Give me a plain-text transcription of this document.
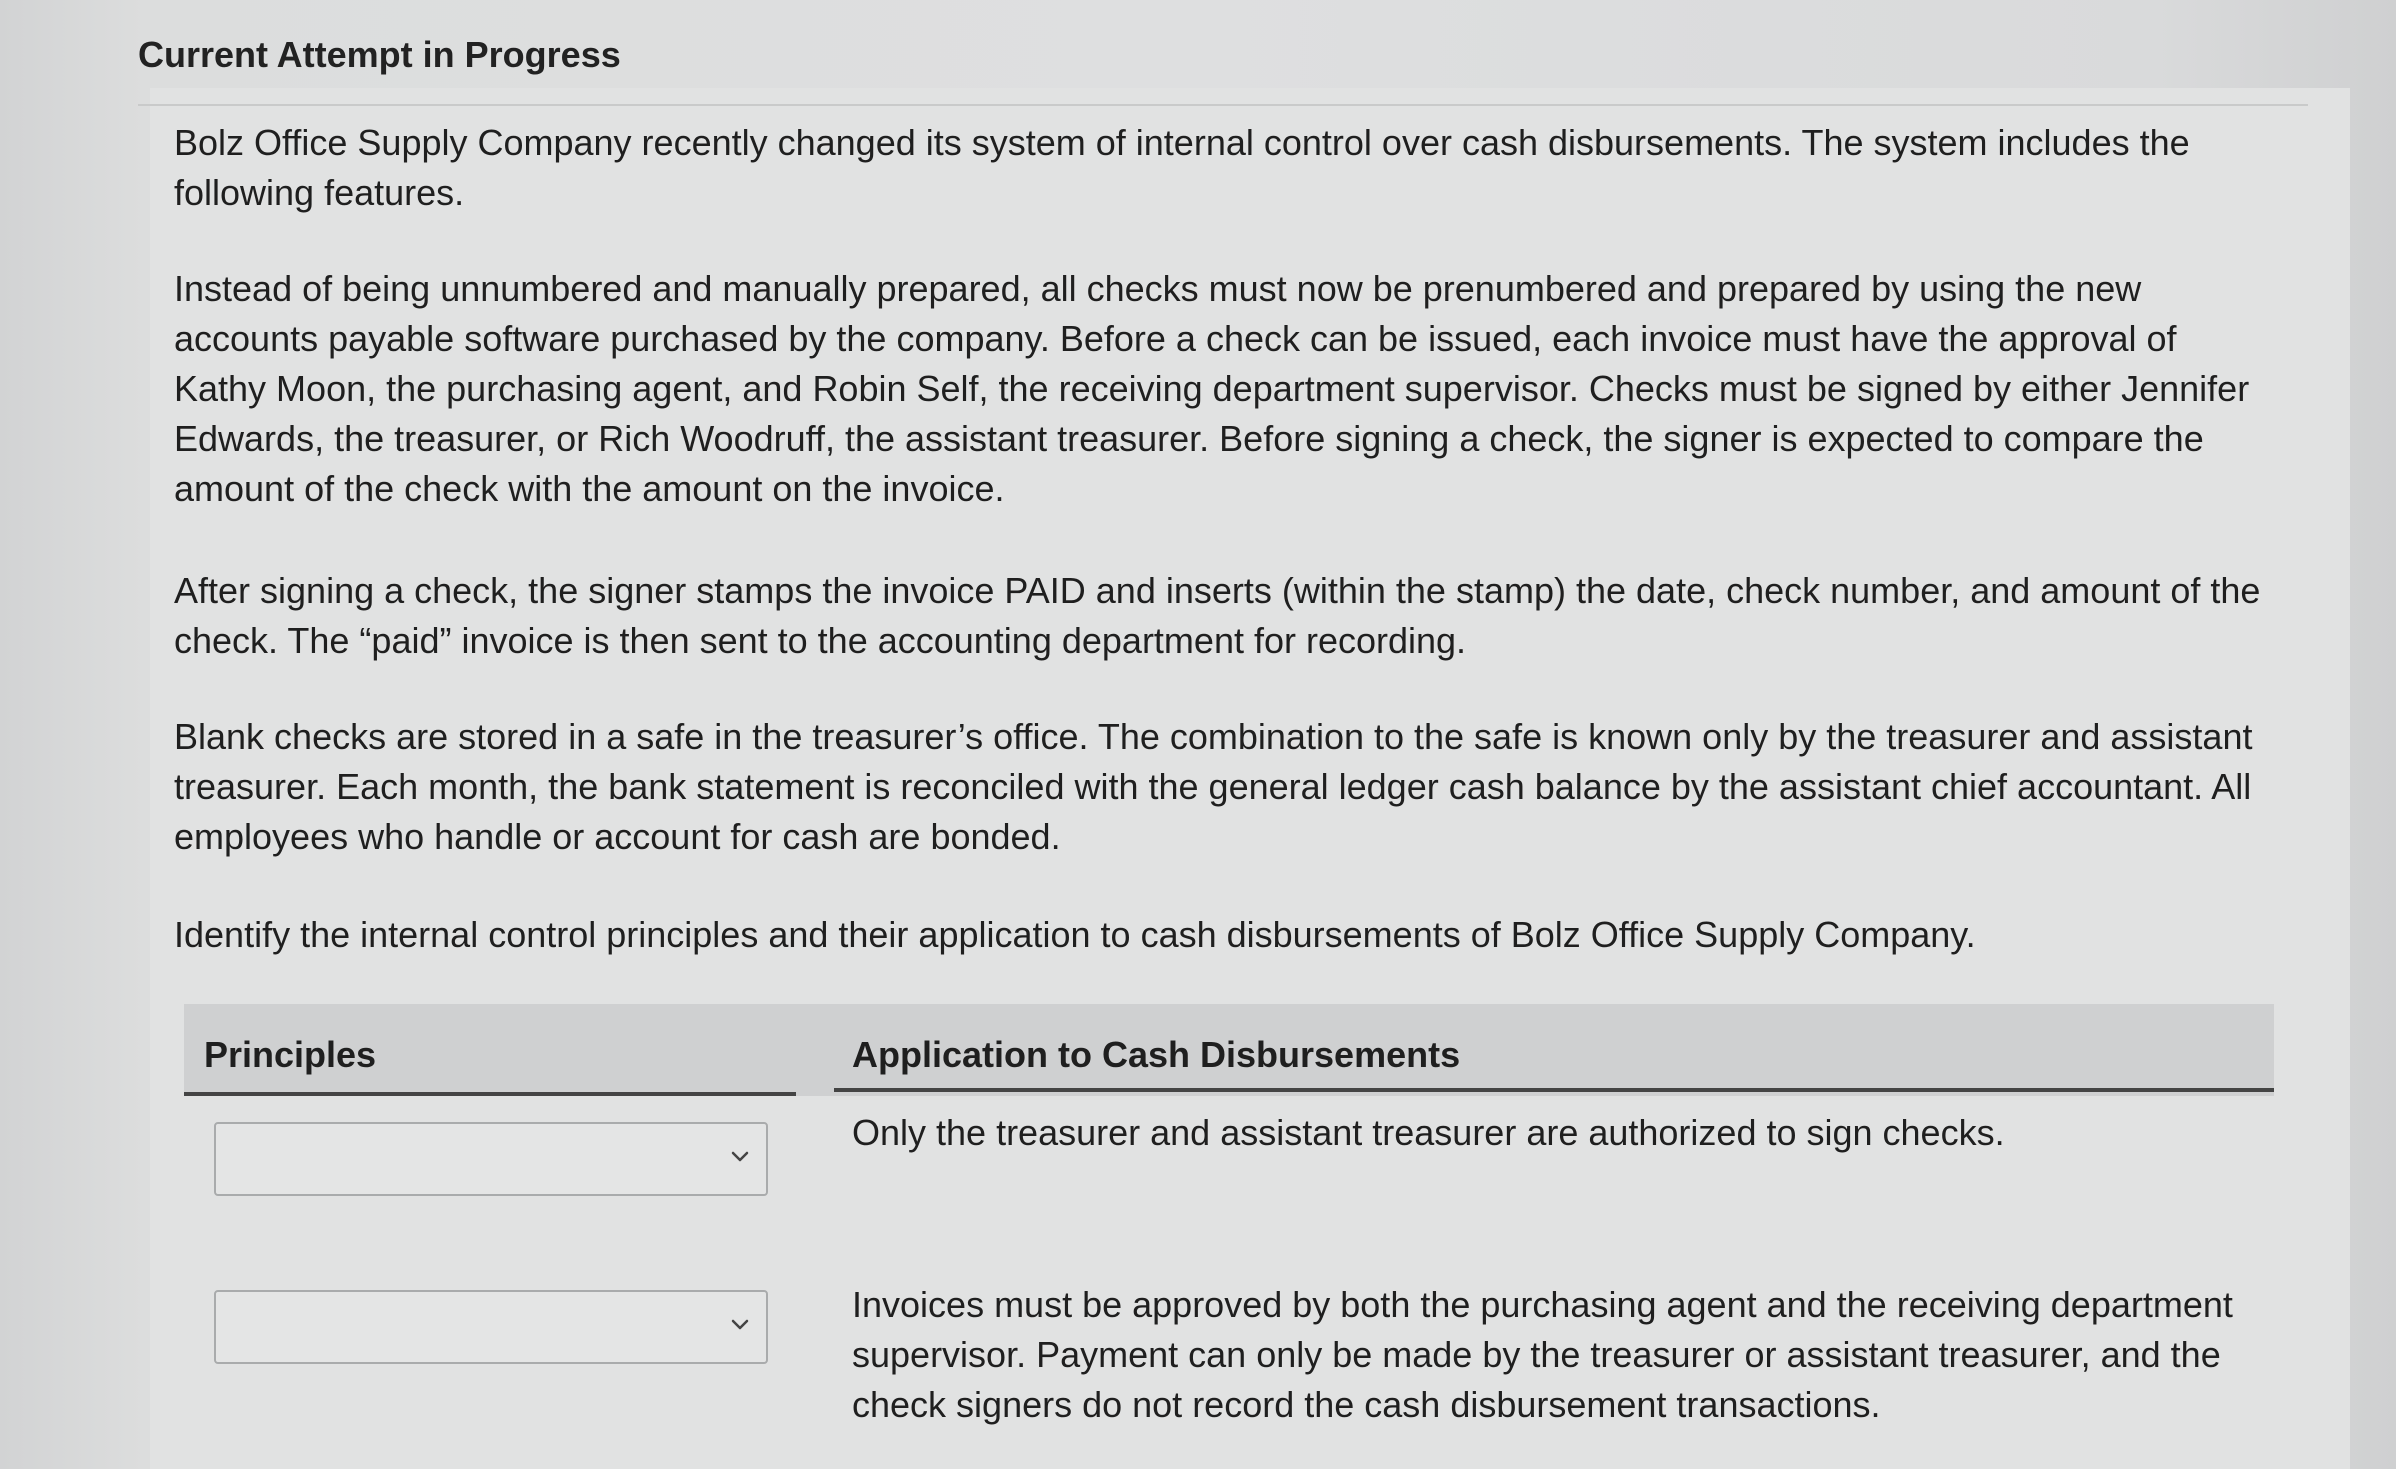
Current Attempt in Progress
Bolz Office Supply Company recently changed its system of internal control over cash disbursements. The system includes the following features.
Instead of being unnumbered and manually prepared, all checks must now be prenumbered and prepared by using the new accounts payable software purchased by the company. Before a check can be issued, each invoice must have the approval of Kathy Moon, the purchasing agent, and Robin Self, the receiving department supervisor. Checks must be signed by either Jennifer Edwards, the treasurer, or Rich Woodruff, the assistant treasurer. Before signing a check, the signer is expected to compare the amount of the check with the amount on the invoice.
After signing a check, the signer stamps the invoice PAID and inserts (within the stamp) the date, check number, and amount of the check. The “paid” invoice is then sent to the accounting department for recording.
Blank checks are stored in a safe in the treasurer’s office. The combination to the safe is known only by the treasurer and assistant treasurer. Each month, the bank statement is reconciled with the general ledger cash balance by the assistant chief accountant. All employees who handle or account for cash are bonded.
Identify the internal control principles and their application to cash disbursements of Bolz Office Supply Company.
Principles	Application to Cash Disbursements
Only the treasurer and assistant treasurer are authorized to sign checks.
Invoices must be approved by both the purchasing agent and the receiving department supervisor. Payment can only be made by the treasurer or assistant treasurer, and the check signers do not record the cash disbursement transactions.
